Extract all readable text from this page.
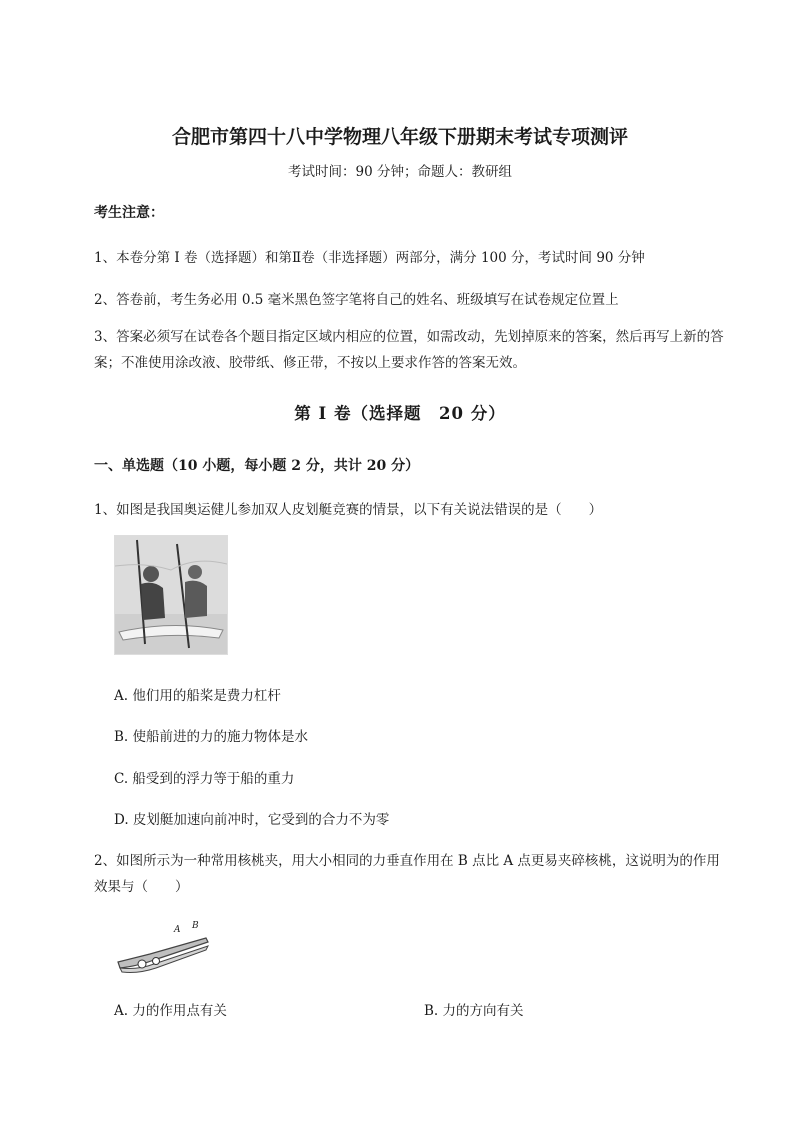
合肥市第四十八中学物理八年级下册期末考试专项测评
考试时间：90 分钟；命题人：教研组
考生注意：
1、本卷分第 I 卷（选择题）和第Ⅱ卷（非选择题）两部分，满分 100 分，考试时间 90 分钟
2、答卷前，考生务必用 0.5 毫米黑色签字笔将自己的姓名、班级填写在试卷规定位置上
3、答案必须写在试卷各个题目指定区域内相应的位置，如需改动，先划掉原来的答案，然后再写上新的答案；不准使用涂改液、胶带纸、修正带，不按以上要求作答的答案无效。
第 I 卷（选择题　20 分）
一、单选题（10 小题，每小题 2 分，共计 20 分）
1、如图是我国奥运健儿参加双人皮划艇竞赛的情景，以下有关说法错误的是（　　）
A. 他们用的船桨是费力杠杆
B. 使船前进的力的施力物体是水
C. 船受到的浮力等于船的重力
D. 皮划艇加速向前冲时，它受到的合力不为零
2、如图所示为一种常用核桃夹，用大小相同的力垂直作用在 B 点比 A 点更易夹碎核桃，这说明为的作用效果与（　　）
A B
A. 力的作用点有关	B. 力的方向有关
